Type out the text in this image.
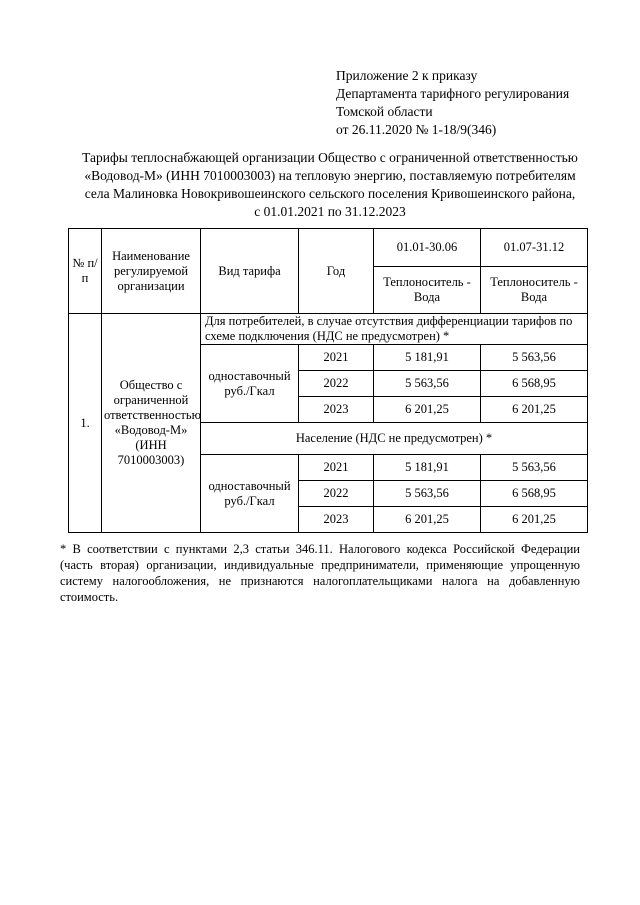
Приложение 2 к приказу
Департамента тарифного регулирования
Томской области
от 26.11.2020 № 1-18/9(346)
Тарифы теплоснабжающей организации Общество с ограниченной ответственностью
«Водовод-М» (ИНН 7010003003) на тепловую энергию, поставляемую потребителям
села Малиновка Новокривошеинского сельского поселения Кривошеинского района,
с 01.01.2021 по 31.12.2023
№ п/п	Наименование регулируемой организации	Вид тарифа	Год	01.01-30.06	01.07-31.12
				Теплоноситель - Вода	Теплоноситель - Вода
1.	Общество с ограниченной ответственностью «Водовод-М» (ИНН 7010003003)	Для потребителей, в случае отсутствия дифференциации тарифов по схеме подключения (НДС не предусмотрен) *			
		одноставочный руб./Гкал	2021	5 181,91	5 563,56
			2022	5 563,56	6 568,95
			2023	6 201,25	6 201,25
		Население (НДС не предусмотрен) *			
		одноставочный руб./Гкал	2021	5 181,91	5 563,56
			2022	5 563,56	6 568,95
			2023	6 201,25	6 201,25
* В соответствии с пунктами 2,3 статьи 346.11. Налогового кодекса Российской Федерации (часть вторая) организации, индивидуальные предприниматели, применяющие упрощенную систему налогообложения, не признаются налогоплательщиками налога на добавленную стоимость.
